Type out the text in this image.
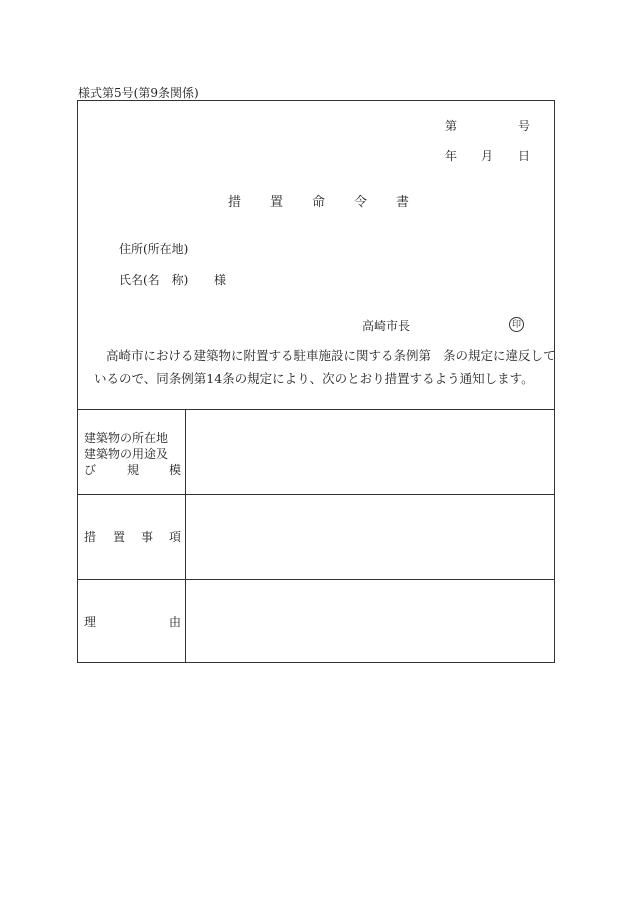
様式第5号(第9条関係)
第	号
年 月 日
措 置 命 令 書
住所(所在地)
氏名(名　称) 様
高崎市長	印
高崎市における建築物に附置する駐車施設に関する条例第 条の規定に違反して
いるので、同条例第14条の規定により、次のとおり措置するよう通知します。
建築物の所在地
建築物の用途及
び	規 模
措 置 事 項
理	由
